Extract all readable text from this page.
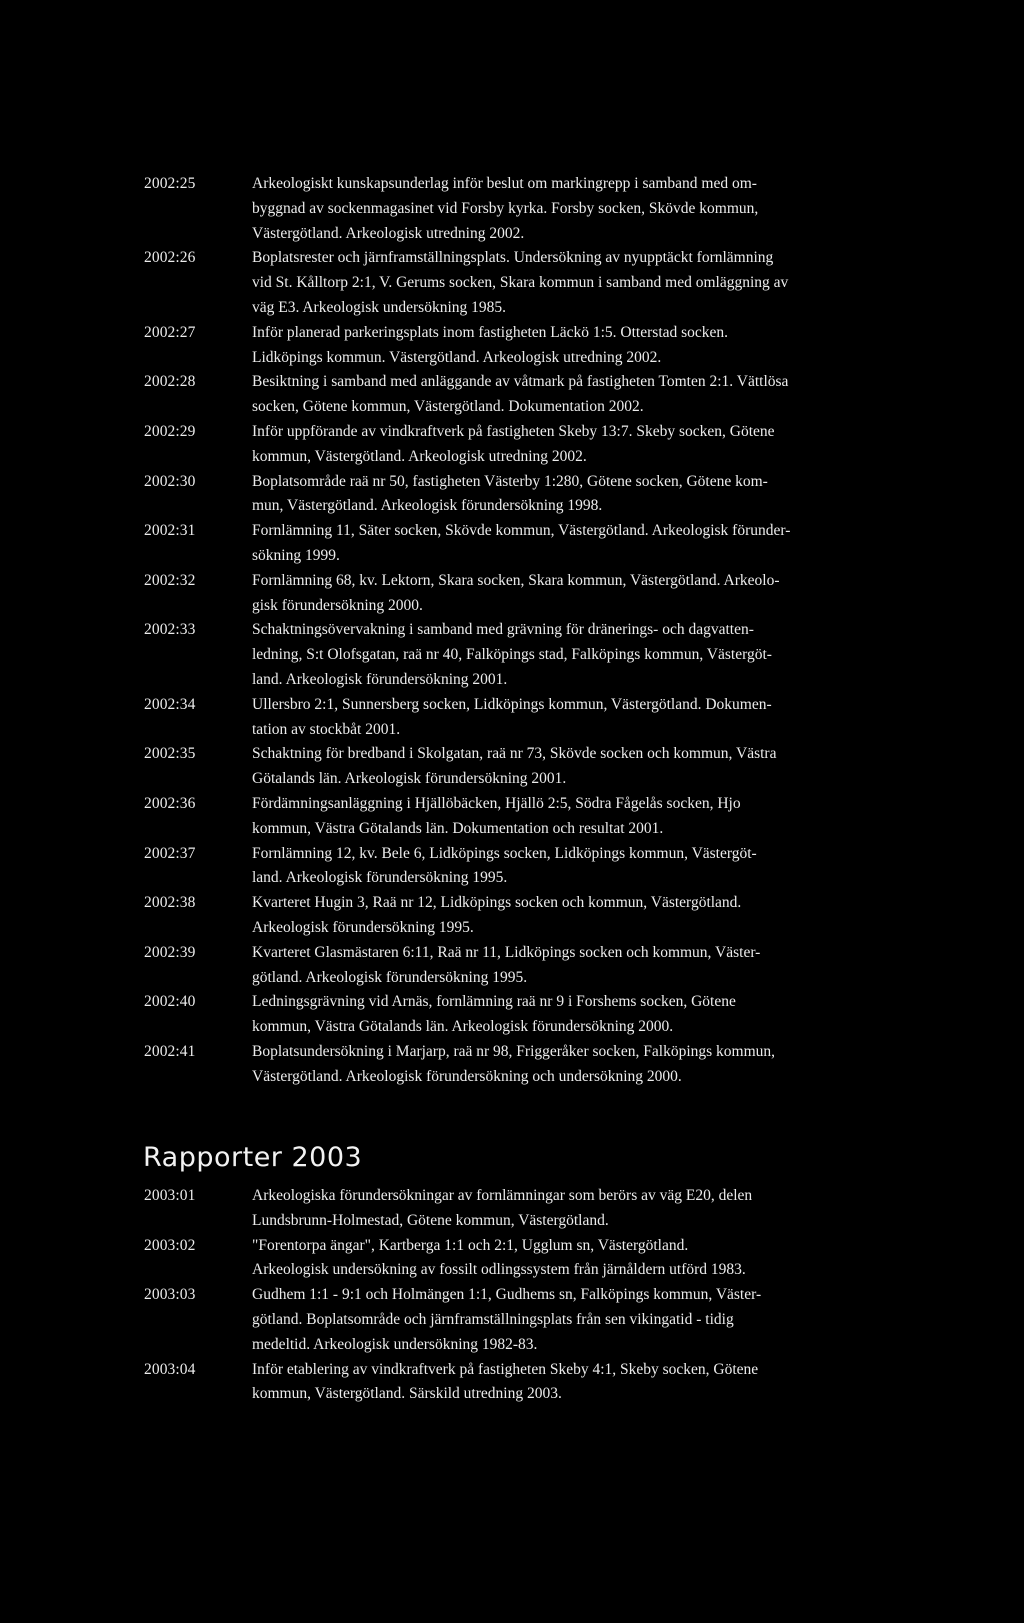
2002:25	Arkeologiskt kunskapsunderlag inför beslut om markingrepp i samband med om-
byggnad av sockenmagasinet vid Forsby kyrka. Forsby socken, Skövde kommun,
Västergötland. Arkeologisk utredning 2002.
2002:26	Boplatsrester och järnframställningsplats. Undersökning av nyupptäckt fornlämning
vid St. Kålltorp 2:1, V. Gerums socken, Skara kommun i samband med omläggning av
väg E3. Arkeologisk undersökning 1985.
2002:27	Inför planerad parkeringsplats inom fastigheten Läckö 1:5. Otterstad socken.
Lidköpings kommun. Västergötland. Arkeologisk utredning 2002.
2002:28	Besiktning i samband med anläggande av våtmark på fastigheten Tomten 2:1. Vättlösa
socken, Götene kommun, Västergötland. Dokumentation 2002.
2002:29	Inför uppförande av vindkraftverk på fastigheten Skeby 13:7. Skeby socken, Götene
kommun, Västergötland. Arkeologisk utredning 2002.
2002:30	Boplatsområde raä nr 50, fastigheten Västerby 1:280, Götene socken, Götene kom-
mun, Västergötland. Arkeologisk förundersökning 1998.
2002:31	Fornlämning 11, Säter socken, Skövde kommun, Västergötland. Arkeologisk förunder-
sökning 1999.
2002:32	Fornlämning 68, kv. Lektorn, Skara socken, Skara kommun, Västergötland. Arkeolo-
gisk förundersökning 2000.
2002:33	Schaktningsövervakning i samband med grävning för dränerings- och dagvatten-
ledning, S:t Olofsgatan, raä nr 40, Falköpings stad, Falköpings kommun, Västergöt-
land. Arkeologisk förundersökning 2001.
2002:34	Ullersbro 2:1, Sunnersberg socken, Lidköpings kommun, Västergötland. Dokumen-
tation av stockbåt 2001.
2002:35	Schaktning för bredband i Skolgatan, raä nr 73, Skövde socken och kommun, Västra
Götalands län. Arkeologisk förundersökning 2001.
2002:36	Fördämningsanläggning i Hjällöbäcken, Hjällö 2:5, Södra Fågelås socken, Hjo
kommun, Västra Götalands län. Dokumentation och resultat 2001.
2002:37	Fornlämning 12, kv. Bele 6, Lidköpings socken, Lidköpings kommun, Västergöt-
land. Arkeologisk förundersökning 1995.
2002:38	Kvarteret Hugin 3, Raä nr 12, Lidköpings socken och kommun, Västergötland.
Arkeologisk förundersökning 1995.
2002:39	Kvarteret Glasmästaren 6:11, Raä nr 11, Lidköpings socken och kommun, Väster-
götland. Arkeologisk förundersökning 1995.
2002:40	Ledningsgrävning vid Arnäs, fornlämning raä nr 9 i Forshems socken, Götene
kommun, Västra Götalands län. Arkeologisk förundersökning 2000.
2002:41	Boplatsundersökning i Marjarp, raä nr 98, Friggeråker socken, Falköpings kommun,
Västergötland. Arkeologisk förundersökning och undersökning 2000.
Rapporter 2003
2003:01	Arkeologiska förundersökningar av fornlämningar som berörs av väg E20, delen
Lundsbrunn-Holmestad, Götene kommun, Västergötland.
2003:02	"Forentorpa ängar", Kartberga 1:1 och 2:1, Ugglum sn, Västergötland.
Arkeologisk undersökning av fossilt odlingssystem från järnåldern utförd 1983.
2003:03	Gudhem 1:1 - 9:1 och Holmängen 1:1, Gudhems sn, Falköpings kommun, Väster-
götland. Boplatsområde och järnframställningsplats från sen vikingatid - tidig
medeltid. Arkeologisk undersökning 1982-83.
2003:04	Inför etablering av vindkraftverk på fastigheten Skeby 4:1, Skeby socken, Götene
kommun, Västergötland. Särskild utredning 2003.
